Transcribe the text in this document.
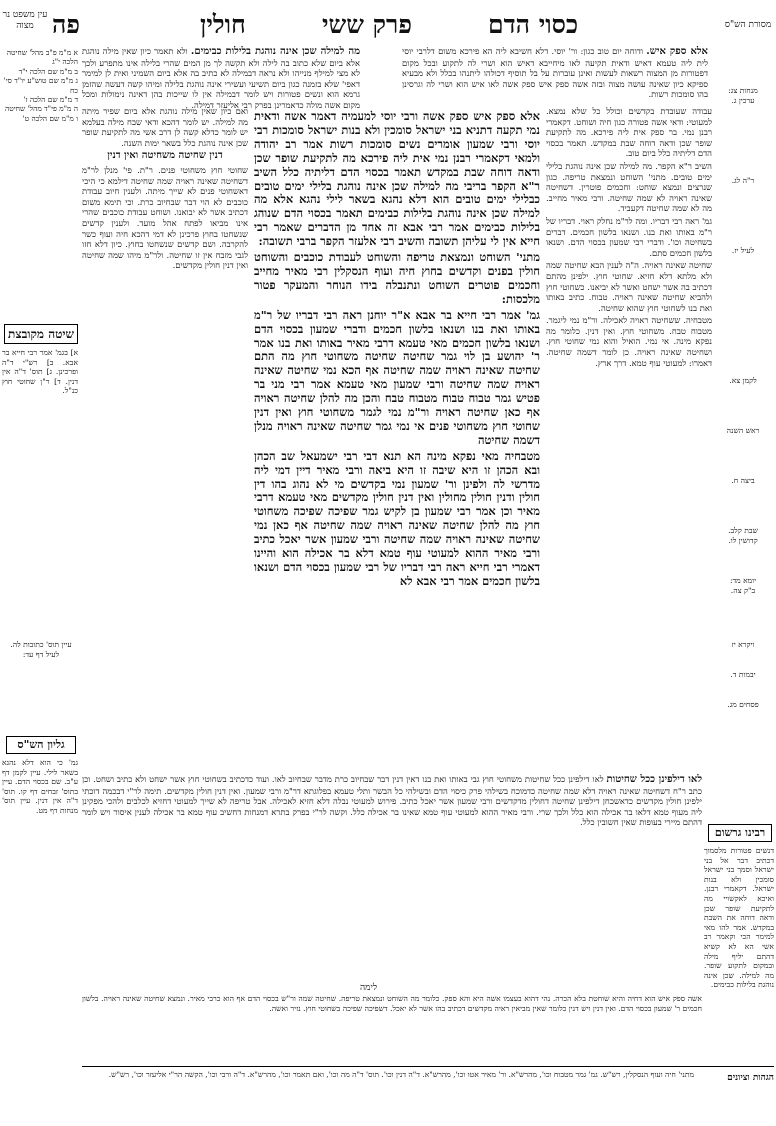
פה	חולין	פרק ששי	כסוי הדם
עין משפט נר מצוה	מסורת הש"ס
מנחות צג:
ערכין ג.
ר"ה לג.
לעיל יז.
לקמן צא.
ראש השנה
ביצה ח.
שבת קלב.
קדושין לו.
יומא מד:
ב"ק צה.
א מ"מ פ"ב מהל' שחיטה הלכה י"ג
ב מ"מ שם הלכה י"ד
ג מ"מ שם טוש"ע יו"ד סי' כח
ד מ"מ שם הלכה ז'
ה מ"מ פי"ד מהל' שחיטה
ו מ"מ שם הלכה ט'
מה למילה שכן אינה נוהגת בלילות כבימים. ולא תאמר כיון שאין מילה נוהגת אלא ביום שלא כתוב בה לילה ולא תקשה לך מן המים שהרי בלילה אינו מתפרע ולכך לא מצי למילף מנייהו ולא נראה דבמילה לא כתיב בה אלא ביום השמיני ואית לן למימר דאפי' שלא בזמנה כגון ביום תשיעי ועשירי אינה נוהגת בלילה ומיהו קשה דעשה שהזמן גרמא הוא ונשים פטורות ויש לומר דבמילה אין לו שייכות בהן דאינה נימולות ומכל מקום אשה מולה כדאמרינן בפרק רבי אליעזר דמילה.
אלא ספק איש. ודוחה יום טוב כגון: ור' יוסי. דלא חשיבא ליה הא פירכא משום דלרבי יוסי לית ליה טעמא דאיש ודאית תקיעה לאו מיחייבא דאיש הוא ושרי לה לתקוע ובכל מקום דפטורות מן המצוה רשאות לעשות ואינן עוברות על בל תוסיף דכולהו ליתנהו בכלל ולא מבעיא ספיקא כיון שאינה עושה מצוה ובזה אשה ספק איש ספק אשה לאו איש הוא ושרי לה וגרסינן בהו סומכות רשות.

ואם כיון שאין מילה נוהגת אלא ביום שפיר מיתה מה למילה. יש לומר דהכא ודאי שבח מילה בעלמא יש לומר כדלא קשה לן דרב אשי מה לתקיעת שופר שכן אינה נוהגת כלל בשאר ימות השנה.

דנין שחיטה משחיטה ואין דנין

שחוטי חוץ משחוטי פנים. ר"ת. פי' מנלן לר"מ דשחיטה שאינה ראויה שמה שחיטה דילמא כי היכי דאשחוטי פנים לא שייך מיתה. ולענין חיוב עבודת כוכבים לא הוי דבר שבחיוב כרת. וכי תימא משום דכתיב אשר לא יבואנו. ושוחט עבודת כוכבים שהרי אינו מביאו לפתח אהל מועד. ולענין קדשים שנשחטו בחוץ פרכינן לא דמי דהכא חיה ועוף כשר להקרבה. ושם קדשים שנשחטו בחוץ. כיון דלא חזו לגבי מזבח אין זו שחיטה. ולר"מ מיהו שמה שחיטה ואין דנין חולין מקדשים.

שיטה מקובצת
א] בגמ' אמר רבי חייא בר אבא. ב] רש"י ד"ה ופרכינן. ג] תוס' ד"ה אין דנין. ד] ר"ן שחוטי חוץ כנ"ל.
גליון הש"ס
גמ' כי הוא דלא נהגא בשאר לילי. עיין לקמן דף ע"ב. שם בכסוי הדם. עיין בתוס' זבחים דף קו. תוס' ד"ה אין דנין. עיין תוס' מנחות דף מט.
עיין תוס' כתובות לה.
לעיל דף עד:

אלא ספק איש ספק אשה ורבי יוסי למעמיה דאמר אשה ודאית נמי תקעה דתניא בני ישראל סומכין ולא בנות ישראל סומכות רבי יוסי ורבי שמעון אומרים נשים סומכות רשות אמר רב יהודה ולמאי דקאמרי רבנן נמי אית ליה פירכא מה לתקיעת שופר שכן ודאה דוחה שבת במקדש תאמר בכסוי הדם דליתיה כלל השיב ר"א הקפר בריבי מה למילה שכן אינה נוהגת בלילי ימים טובים כבלילי ימים טובים הוא דלא נהגא בשאר לילי נהגא אלא מה למילה שכן אינה נוהגת בלילות כבימים תאמר בכסוי הדם שנוהג בלילות כבימים אמר רבי אבא זה אחד מן הדברים שאמר רבי חייא אין לי עליהן תשובה והשיב רבי אלעזר הקפר ברבי תשובה:

מתני' השוחט ונמצאת טריפה והשוחט לעבודת כוכבים והשוחט חולין בפנים וקדשים בחוץ חיה ועוף הנסקלין רבי מאיר מחייב וחכמים פוטרים השוחט ונתנבלה בידו הנוחר והמעקר פטור מלכסות:

גמ' אמר רבי חייא בר אבא א"ר יוחנן ראה רבי דבריו של ר"מ באותו ואת בנו ושנאו בלשון חכמים ודברי שמעון בכסוי הדם ושנאו בלשון חכמים מאי טעמא דרבי מאיר באותו ואת בנו אמר ר' יהושע בן לוי גמר שחיטה שחיטה משחוטי חוץ מה התם שחיטה שאינה ראויה שמה שחיטה אף הכא נמי שחיטה שאינה ראויה שמה שחיטה ורבי שמעון מאי טעמא אמר רבי מני בר פטיש גמר טבוח טבוח מטבוח טבח והכן מה להלן שחיטה ראויה אף כאן שחיטה ראויה ור"מ נמי לגמר משחוטי חוץ ואין דנין שחוטי חוץ משחוטי פנים אי נמי גמר שחיטה שאינה ראויה מנלן דשמה שחיטה

מטבחיה מאי נפקא מינה הא תנא דבי רבי ישמעאל שב הכהן ובא הכהן זו היא שיבה זו היא ביאה ורבי מאיר דיין דמי ליה מדרשי לה ולפינן ור' שמעון נמי בקדשים מי לא נהוג בהו דין חולין ודנין חולין מחולין ואין דנין חולין מקדשים מאי טעמא דרבי מאיר וכן אמר רבי שמעון בן לקיש גמר שפיכה שפיכה משחוטי חוץ מה להלן שחיטה שאינה ראויה שמה שחיטה אף כאן נמי שחיטה שאינה ראויה שמה שחיטה ורבי שמעון אשר יאכל כתיב ורבי מאיר ההוא למעוטי עוף טמא דלא בר אכילה הוא והיינו דאמרי רבי חייא ראה רבי דבריו של רבי שמעון בכסוי הדם ושנאו בלשון חכמים אמר רבי אבא לא

עבודה שעובדת בקדשים וכולל כל שלא נמצא. למעוטי: ודאי אשה פטורה כגון חיה ושוחט. דקאמרי רבנן נמי. בר ספק אית ליה פירכא. מה לתקיעת שופר שכן ודאה דוחה שבת במקדש. תאמר בכסוי הדם דליתיה כלל ביום טוב.

השיב ר"א הקפר. מה למילה שכן אינה נוהגת בלילי ימים טובים. מתני' השוחט ונמצאת טריפה. כגון שנרצים ונמצא שוחט: וחכמים פוטרין. דשחיטה שאינה ראויה לא שמה שחיטה. ורבי מאיר מחייב. מה לא שמה שחיטה דקעביד.

גמ' ראה רבי דבריו. ומה לר"מ נחלק ראוי. דבריו של ר"מ באותו ואת בנו. ושנאו בלשון חכמים. דברים בשחיטה וכו'. ודברי רבי שמעון בכסוי הדם. ושנאו בלשון חכמים סתם.

שחיטה שאינה ראויה. ה"ה לענין הבא שחיטה שמה ולא מלתא דלא חזיא. שחוטי חוץ. ילפינן מהתם דכתיב בה אשר ישחט ואשר לא יביאנו. כשחוטי חוץ ולהביא שחיטה שאינה ראויה. טבוח. כתיב באותו ואת בנו לשחוטי חוץ שהוא שחיטה.

מטבחיה. ששחיטה ראויה לאכילה. ור"מ נמי ליגמר. מטבוח טבח. משחוטי חוץ. ואין דנין. כלומר מה נפקא מינה. אי נמי. הואיל והוא נמי שחוטי חוץ. ושחיטה שאינה ראויה. כן לומר דשמה שחיטה. דאמרו: למעוטי עוף טמא. דרך ארץ.

ויקרא יז
יבמות ד.
פסחים מג.
לאו דילפינן ככל שחיטות לאו דילפינן ככל שחיטות משחוטי חוץ גבי באותו ואת בנו דאין דנין דבר שבחיוב כרת מדבר שבחיוב לאו. ועוד כדכתיב בשחוטי חוץ אשר ישחט ולא כתיב ושחט. וכן כתב ר"ח דשחיטה שאינה ראויה דלא שמה שחיטה כדמוכח בשילהי פרק כיסוי הדם ובשילהי כל הבשר ותלי טעמא בפלוגתא דר"מ ורבי שמעון. ואין דנין חולין מקדשים. תימה לר"י דבכמה דוכתי ילפינן חולין מקדשים כדאשכחן דילפינן שחיטה דחולין מדקדשים ורבי שמעון אשר יאכל כתיב. פירוש למעוטי נבלה דלא חזיא לאכילה. אבל טריפה לא שייך למעוטי דחזיא לכלבים ולהכי מפקינן ליה מעוף טמא דלאו בר אכילה הוא כלל ולכך שרי. ורבי מאיר ההוא למעוטי עוף טמא שאינו בר אכילה כלל. וקשה לר"י בפרק בתרא דמנחות דחשיב עוף טמא בר אכילה לענין איסור ויש לומר דהתם מיירי בעופות שאין חשובין כלל.
רבינו גרשום
דנשים פטורות מלסמוך דכתיב דבר אל בני ישראל וסמך בני ישראל סומכין ולא בנות ישראל. דקאמרי רבנן. ואיכא לאקשויי מה לתקיעת שופר שכן ודאה דוחה את השבת במקדש. אמר להו מאי למימר הכי וקאמר רב אשי הא לא קשיא דהתם יליף מילה ובמקום לתקוע שופר. מה למילה. שכן אינה נוהגת בלילות כבימים.
לימה
אשה ספק איש הוא דחיה והיא שוחטת בלא הכרה. נהי דהוא בעצמו אשה היא והא ספק. כלומר מה השוחט ונמצאת טריפה. שחיטה שמה ור"ש בכסוי הדם אף הוא כרבי מאיר. ונמצא שחיטה שאינה ראויה. בלשון חכמים ר' שמעון בכסוי הדם. ואין דנין ויש דנין כלומר שאין מביאין ראיה מקדשים דכתיב בהו אשר לא יאכל. דשפיכה שפיכה בשחוטי חוץ. נזיר ואשה.
הגהות וציונים
מתני' חיה ועוף הנסקלין, רש"ש. גמ' גמר מטבוח וכו', מהרש"א. ור' מאיר אטו וכו', מהרש"א. ד"ה דנין וכו'. תוס' ד"ה מה וכו', ואם תאמר וכו', מהרש"א. ד"ה ורבי וכו', הקשה הר"י אליעזר וכו', רש"ש.
